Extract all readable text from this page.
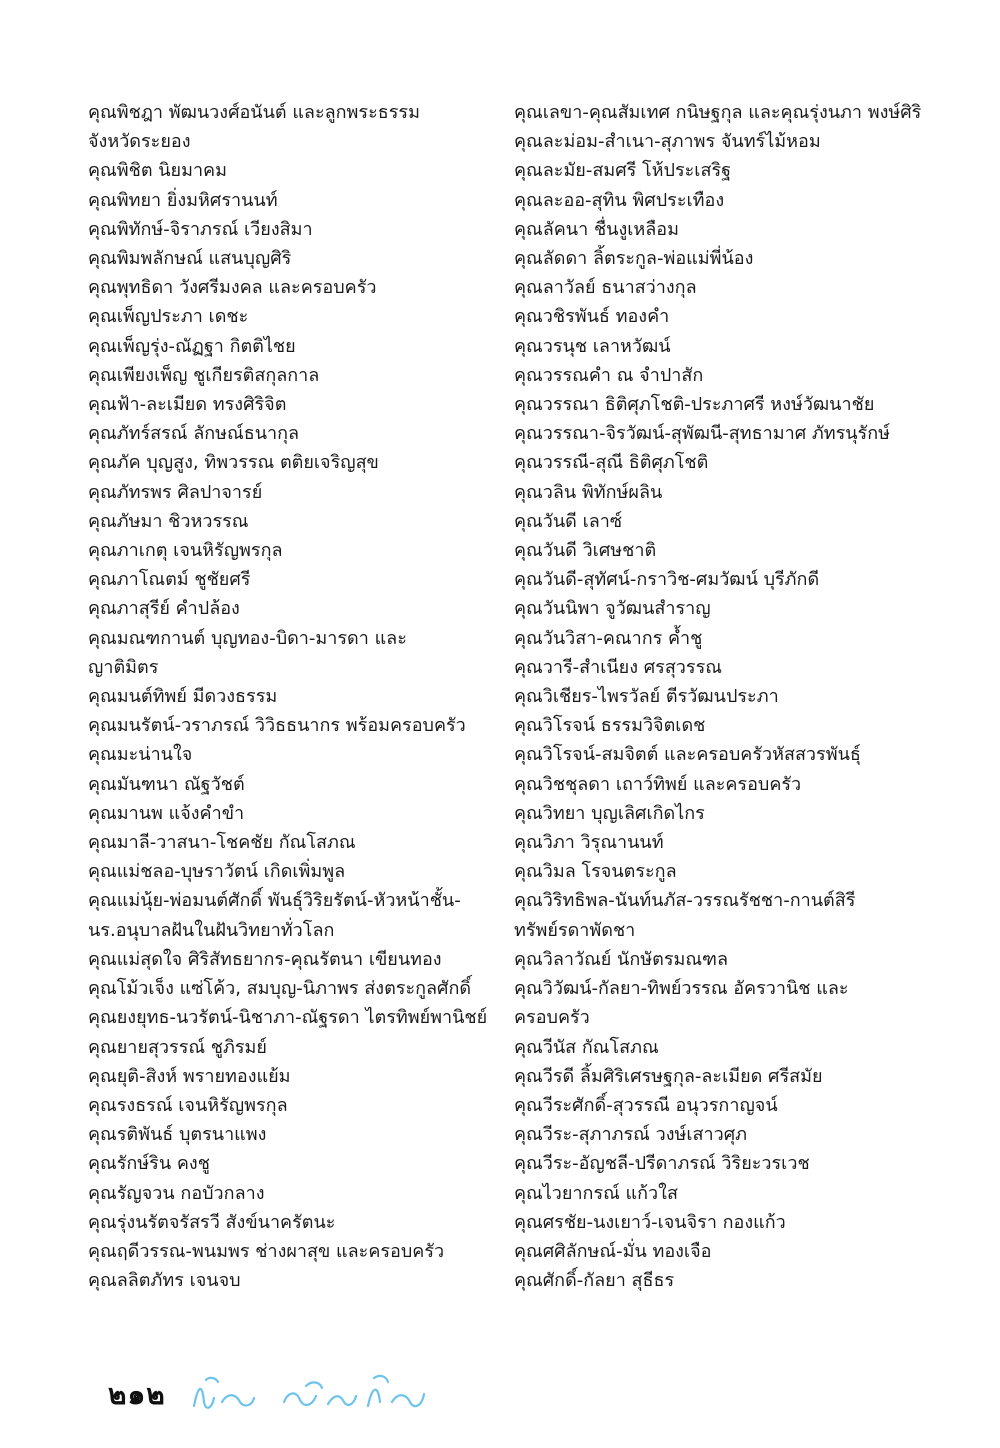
คุณพิชฎา พัฒนวงศ์อนันต์ และลูกพระธรรม
จังหวัดระยอง
คุณพิชิต นิยมาคม
คุณพิทยา ยิ่งมหิศรานนท์
คุณพิทักษ์-จิราภรณ์ เวียงสิมา
คุณพิมพลักษณ์ แสนบุญศิริ
คุณพุทธิดา วังศรีมงคล และครอบครัว
คุณเพ็ญประภา เดชะ
คุณเพ็ญรุ่ง-ณัฏฐา กิตติไชย
คุณเพียงเพ็ญ ชูเกียรติสกุลกาล
คุณฟ้า-ละเมียด ทรงศิริจิต
คุณภัทร์สรณ์ ลักษณ์ธนากุล
คุณภัค บุญสูง, ทิพวรรณ ตติยเจริญสุข
คุณภัทรพร ศิลปาจารย์
คุณภัษมา ชิวหวรรณ
คุณภาเกตุ เจนหิรัญพรกุล
คุณภาโณตม์ ชูชัยศรี
คุณภาสุรีย์ คำปล้อง
คุณมณฑกานต์ บุญทอง-บิดา-มารดา และ
ญาติมิตร
คุณมนต์ทิพย์ มีดวงธรรม
คุณมนรัตน์-วราภรณ์ วิวิธธนากร พร้อมครอบครัว
คุณมะน่านใจ
คุณมันฑนา ณัฐวัชต์
คุณมานพ แจ้งคำขำ
คุณมาลี-วาสนา-โชคชัย กัณโสภณ
คุณแม่ชลอ-บุษราวัตน์ เกิดเพิ่มพูล
คุณแม่นุ้ย-พ่อมนต์ศักดิ์ พันธุ์วิริยรัตน์-หัวหน้าชั้น-
นร.อนุบาลฝันในฝันวิทยาทั่วโลก
คุณแม่สุดใจ ศิริสัทธยากร-คุณรัตนา เขียนทอง
คุณโม้วเจ็ง แซ่โค้ว, สมบุญ-นิภาพร ส่งตระกูลศักดิ์
คุณยงยุทธ-นวรัตน์-นิชาภา-ณัฐรดา ไตรทิพย์พานิชย์
คุณยายสุวรรณ์ ชูภิรมย์
คุณยุติ-สิงห์ พรายทองแย้ม
คุณรงธรณ์ เจนหิรัญพรกุล
คุณรติพันธ์ บุตรนาแพง
คุณรักษ์ริน คงชู
คุณรัญจวน กอบัวกลาง
คุณรุ่งนรัตจรัสรวี สังข์นาครัตนะ
คุณฤดีวรรณ-พนมพร ช่างผาสุข และครอบครัว
คุณลลิตภัทร เจนจบ
คุณเลขา-คุณสัมเทศ กนิษฐกุล และคุณรุ่งนภา พงษ์ศิริ
คุณละม่อม-สำเนา-สุภาพร จันทร์ไม้หอม
คุณละมัย-สมศรี โห้ประเสริฐ
คุณละออ-สุทิน พิศประเทือง
คุณลัคนา ชื่นงูเหลือม
คุณลัดดา ลิ้ตระกูล-พ่อแม่พี่น้อง
คุณลาวัลย์ ธนาสว่างกุล
คุณวชิรพันธ์ ทองคำ
คุณวรนุช เลาหวัฒน์
คุณวรรณคำ ณ จำปาสัก
คุณวรรณา ธิติศุภโชติ-ประภาศรี หงษ์วัฒนาชัย
คุณวรรณา-จิรวัฒน์-สุพัฒนี-สุทธามาศ ภัทรนุรักษ์
คุณวรรณี-สุณี ธิติศุภโชติ
คุณวลิน พิทักษ์ผลิน
คุณวันดี เลาซ์
คุณวันดี วิเศษชาติ
คุณวันดี-สุทัศน์-กราวิช-ศมวัฒน์ บุรีภักดี
คุณวันนิพา จูวัฒนสำราญ
คุณวันวิสา-คณากร ค้ำชู
คุณวารี-สำเนียง ศรสุวรรณ
คุณวิเชียร-ไพรวัลย์ ตีรวัฒนประภา
คุณวิโรจน์ ธรรมวิจิตเดช
คุณวิโรจน์-สมจิตต์ และครอบครัวหัสสวรพันธุ์
คุณวิชชุลดา เถาว์ทิพย์ และครอบครัว
คุณวิทยา บุญเลิศเกิดไกร
คุณวิภา วิรุณานนท์
คุณวิมล โรจนตระกูล
คุณวิริทธิพล-นันท์นภัส-วรรณรัชชา-กานต์สิรี
ทรัพย์รดาพัดชา
คุณวิลาวัณย์ นักษัตรมณฑล
คุณวิวัฒน์-กัลยา-ทิพย์วรรณ อัครวานิช และ
ครอบครัว
คุณวีนัส กัณโสภณ
คุณวีรดี ลิ้มศิริเศรษฐกุล-ละเมียด ศรีสมัย
คุณวีระศักดิ์-สุวรรณี อนุวรกาญจน์
คุณวีระ-สุภาภรณ์ วงษ์เสาวศุภ
คุณวีระ-อัญชลี-ปรีดาภรณ์ วิริยะวรเวช
คุณไวยากรณ์ แก้วใส
คุณศรชัย-นงเยาว์-เจนจิรา กองแก้ว
คุณศศิลักษณ์-มั่น ทองเจือ
คุณศักดิ์-กัลยา สุธีธร
๒๑๒
